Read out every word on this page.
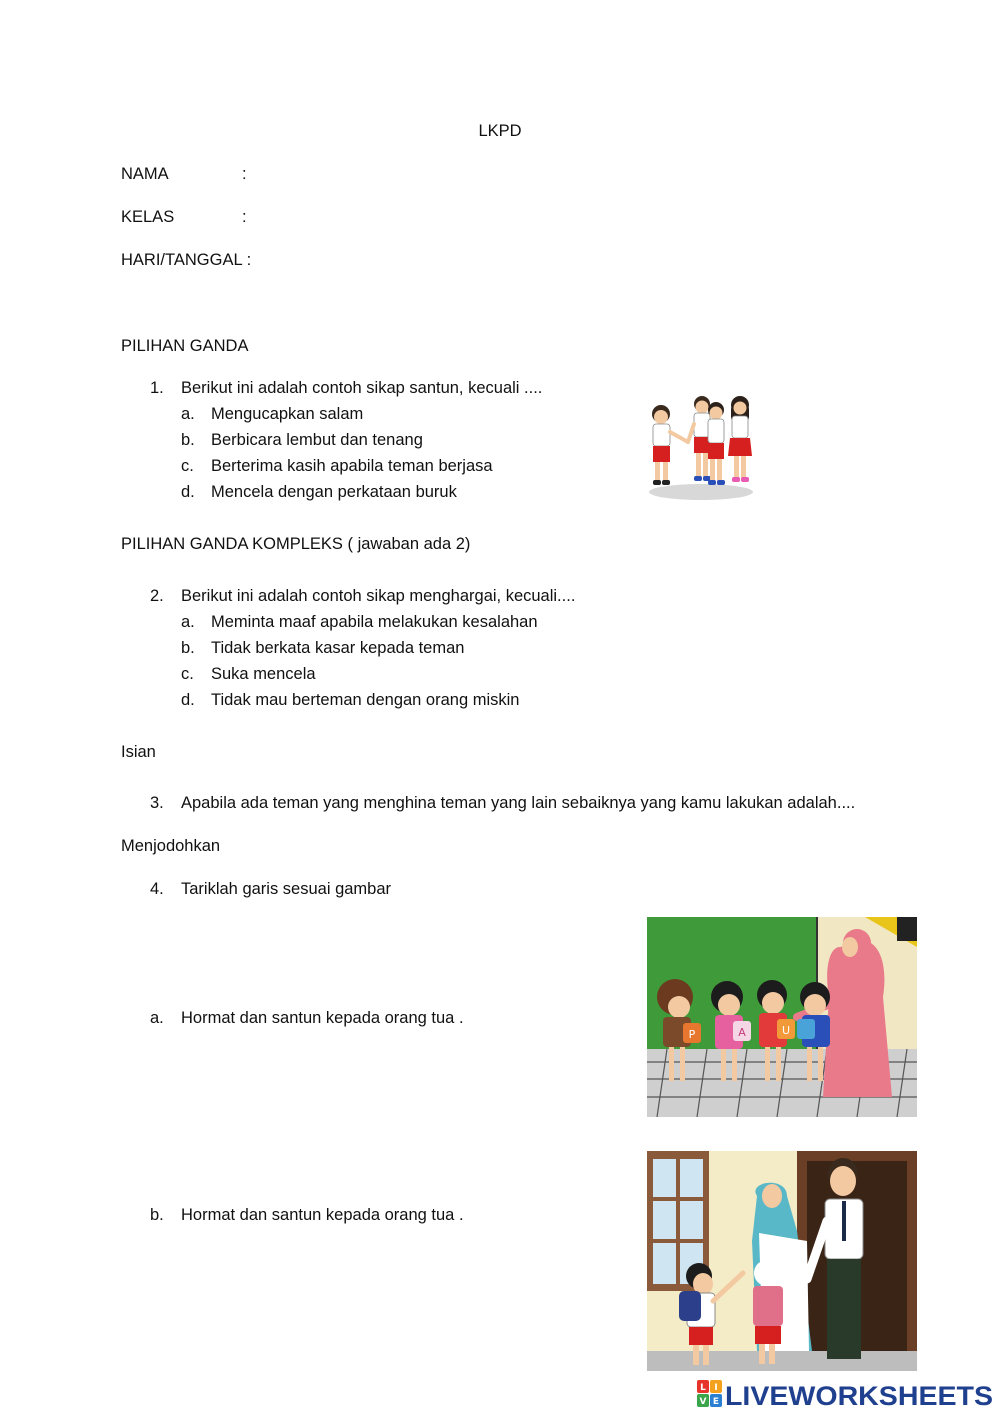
LKPD
NAMA	:
KELAS	:
HARI/TANGGAL :
PILIHAN GANDA
1. Berikut ini adalah contoh sikap santun, kecuali ....
a. Mengucapkan salam
b. Berbicara lembut dan tenang
c. Berterima kasih apabila teman berjasa
d. Mencela dengan perkataan buruk
PILIHAN GANDA KOMPLEKS ( jawaban ada 2)
2. Berikut ini adalah contoh sikap menghargai, kecuali....
a. Meminta maaf apabila melakukan kesalahan
b. Tidak berkata kasar kepada teman
c. Suka mencela
d. Tidak mau berteman dengan orang miskin
Isian
3. Apabila ada teman yang menghina teman yang lain sebaiknya yang kamu lakukan adalah....
Menjodohkan
4. Tariklah garis sesuai gambar
a. Hormat dan santun kepada orang tua .
b. Hormat dan santun kepada orang tua .
P	A	U
L I
V E LIVEWORKSHEETS
